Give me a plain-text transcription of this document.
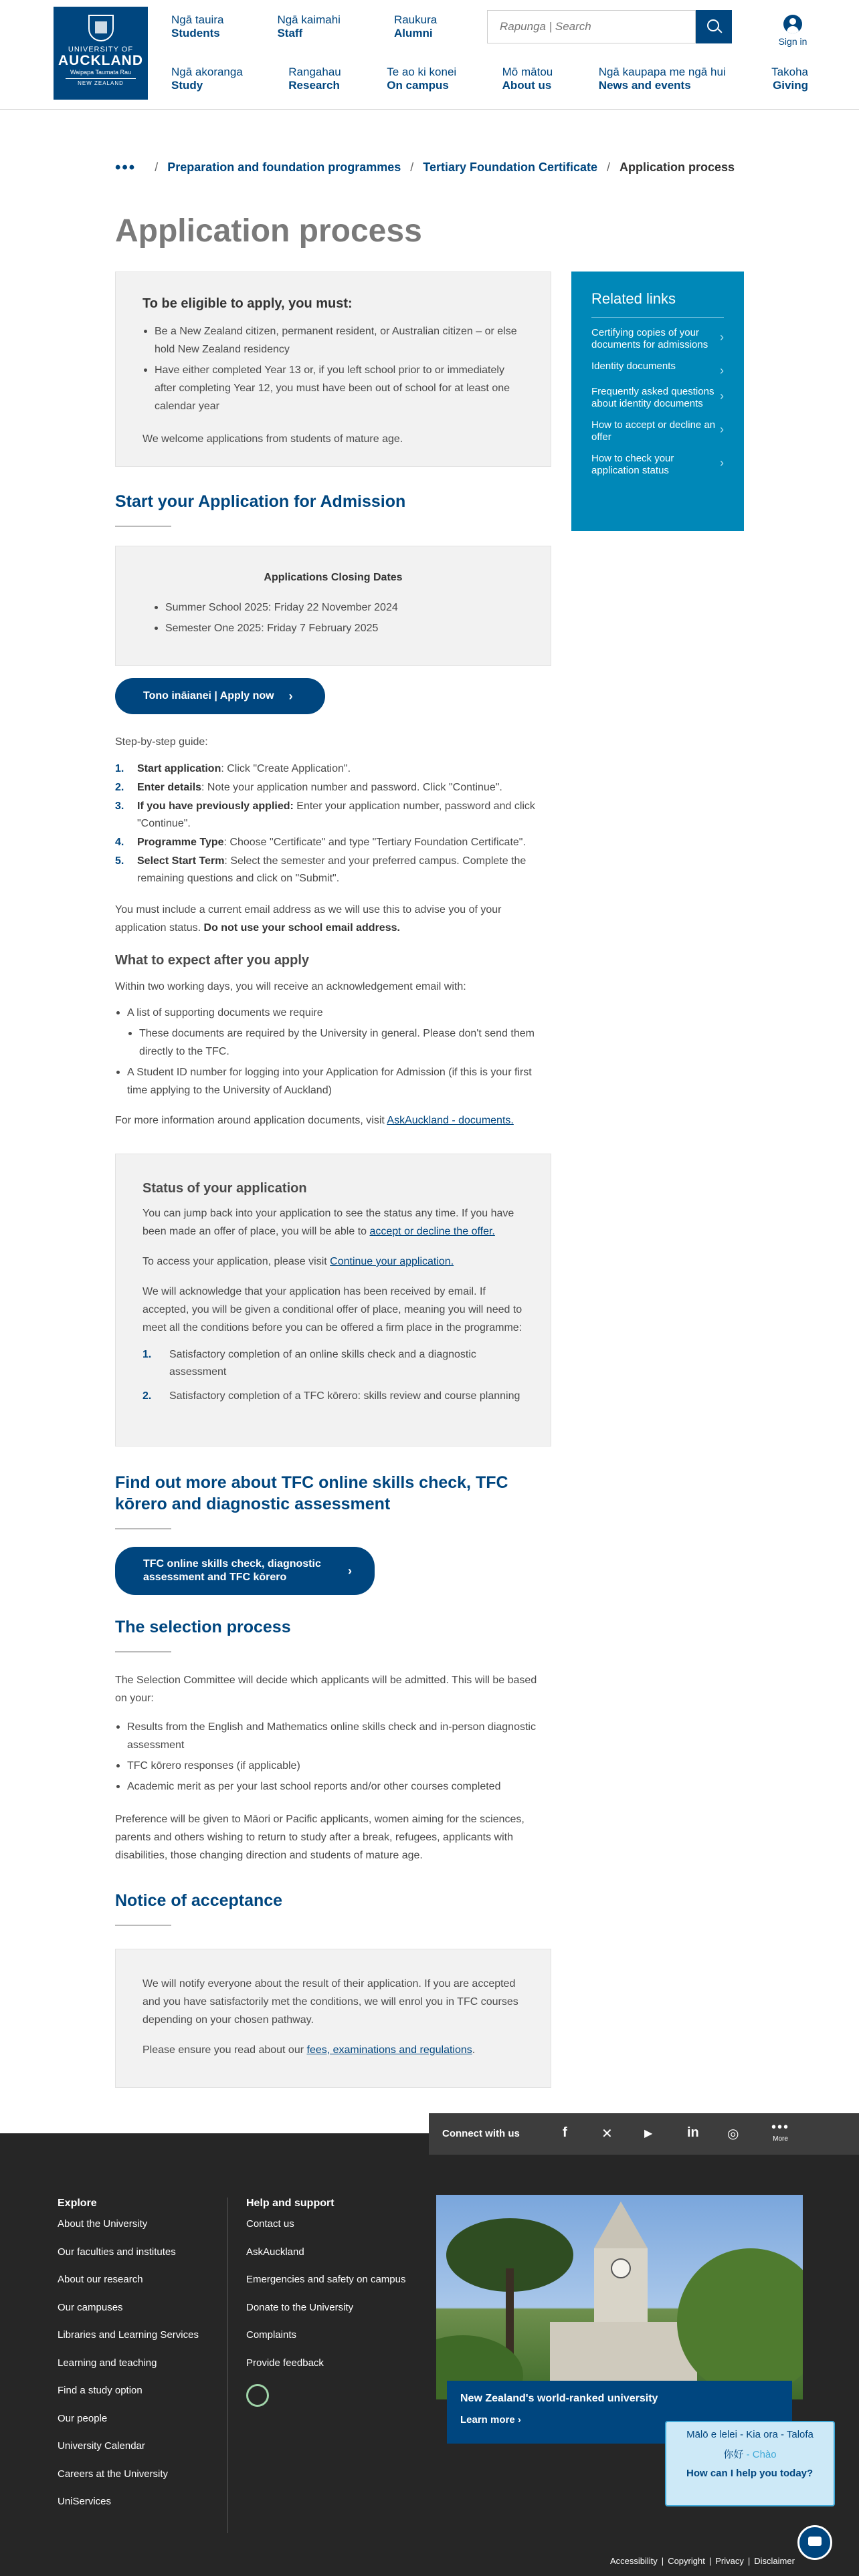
UNIVERSITY OF
AUCKLAND
Waipapa Taumata Rau
NEW ZEALAND
Ngā tauira
Students
Ngā kaimahi
Staff
Raukura
Alumni
Rapunga | Search
Sign in
Ngā akoranga
Study
Rangahau
Research
Te ao ki konei
On campus
Mō mātou
About us
Ngā kaupapa me ngā hui
News and events
Takoha
Giving
••• / Preparation and foundation programmes / Tertiary Foundation Certificate / Application process
Application process
To be eligible to apply, you must:
Be a New Zealand citizen, permanent resident, or Australian citizen – or else hold New Zealand residency
Have either completed Year 13 or, if you left school prior to or immediately after completing Year 12, you must have been out of school for at least one calendar year

We welcome applications from students of mature age.

Start your Application for Admission
Applications Closing Dates
Summer School 2025: Friday 22 November 2024
Semester One 2025: Friday 7 February 2025
Tono ināianei | Apply now ›

Step-by-step guide:

1.	Start application: Click "Create Application".
2.	Enter details: Note your application number and password. Click "Continue".
3.	If you have previously applied: Enter your application number, password and click "Continue".
4.	Programme Type: Choose "Certificate" and type "Tertiary Foundation Certificate".
5.	Select Start Term: Select the semester and your preferred campus. Complete the remaining questions and click on "Submit".

You must include a current email address as we will use this to advise you of your application status. Do not use your school email address.

What to expect after you apply

Within two working days, you will receive an acknowledgement email with:

A list of supporting documents we require
These documents are required by the University in general. Please don't send them directly to the TFC.
A Student ID number for logging into your Application for Admission (if this is your first time applying to the University of Auckland)

For more information around application documents, visit AskAuckland - documents.

Status of your application

You can jump back into your application to see the status any time. If you have been made an offer of place, you will be able to accept or decline the offer.

To access your application, please visit Continue your application.

We will acknowledge that your application has been received by email. If accepted, you will be given a conditional offer of place, meaning you will need to meet all the conditions before you can be offered a firm place in the programme:

1.	Satisfactory completion of an online skills check and a diagnostic assessment
2.	Satisfactory completion of a TFC kōrero: skills review and course planning
Find out more about TFC online skills check, TFC kōrero and diagnostic assessment
TFC online skills check, diagnostic assessment and TFC kōrero	›
The selection process

The Selection Committee will decide which applicants will be admitted. This will be based on your:

Results from the English and Mathematics online skills check and in-person diagnostic assessment
TFC kōrero responses (if applicable)
Academic merit as per your last school reports and/or other courses completed

Preference will be given to Māori or Pacific applicants, women aiming for the sciences, parents and others wishing to return to study after a break, refugees, applicants with disabilities, those changing direction and students of mature age.

Notice of acceptance

We will notify everyone about the result of their application. If you are accepted and you have satisfactorily met the conditions, we will enrol you in TFC courses depending on your chosen pathway.

Please ensure you read about our fees, examinations and regulations.

Related links
Certifying copies of your documents for admissions
›
Identity documents	›
Frequently asked questions about identity documents
›
How to accept or decline an offer
›
How to check your application status
›
Explore
About the University
Our faculties and institutes
About our research
Our campuses
Libraries and Learning Services
Learning and teaching
Find a study option
Our people
University Calendar
Careers at the University
UniServices
Help and support
Contact us
AskAuckland
Emergencies and safety on campus
Donate to the University
Complaints
Provide feedback
New Zealand's world-ranked university
Learn more ›
Connect with us	f	✕	▶	in ◎ •••
More
Mālō e lelei - Kia ora - Talofa
你好 - Chào
How can I help you today?
Accessibility | Copyright | Privacy | Disclaimer
